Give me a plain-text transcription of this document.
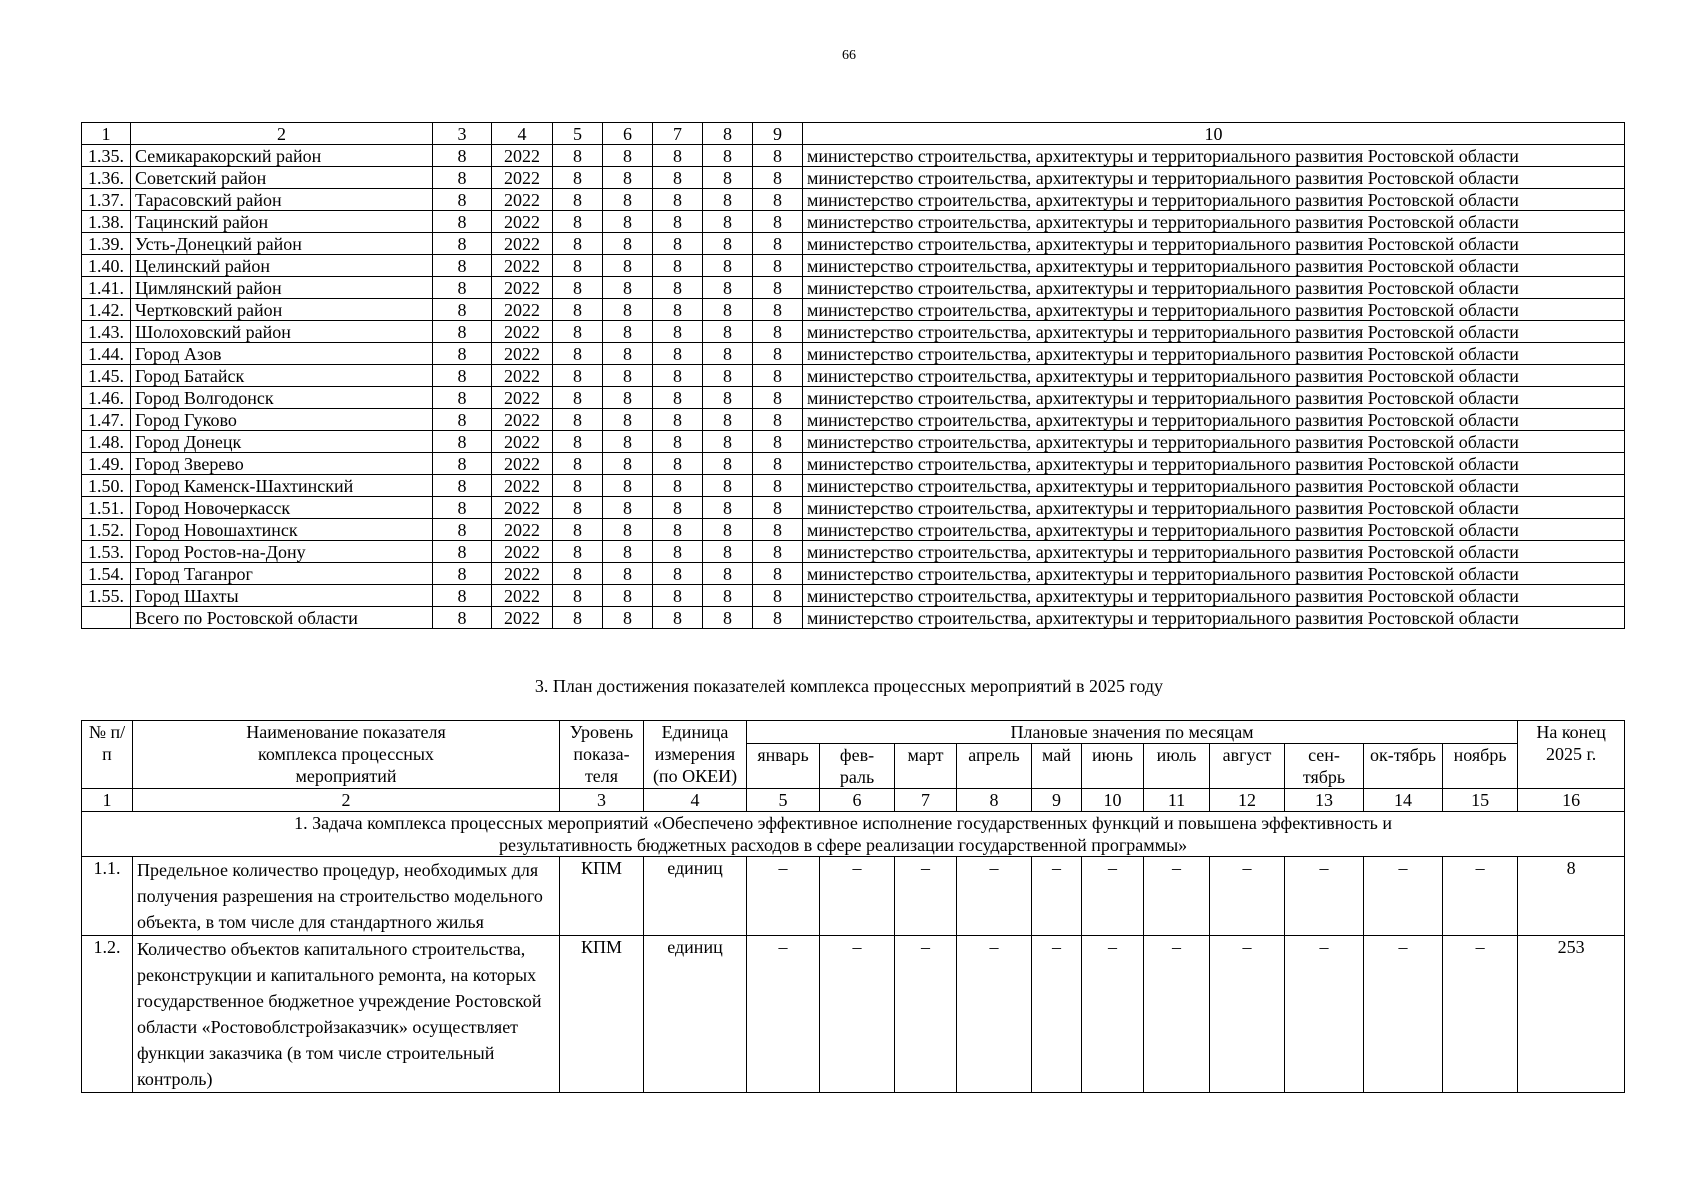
66
1	2	3	4	5	6	7	8	9	10
1.35.	Семикаракорский район	8	2022	8	8	8	8	8	министерство строительства, архитектуры и территориального развития Ростовской области
1.36.	Советский район	8	2022	8	8	8	8	8	министерство строительства, архитектуры и территориального развития Ростовской области
1.37.	Тарасовский район	8	2022	8	8	8	8	8	министерство строительства, архитектуры и территориального развития Ростовской области
1.38.	Тацинский район	8	2022	8	8	8	8	8	министерство строительства, архитектуры и территориального развития Ростовской области
1.39.	Усть-Донецкий район	8	2022	8	8	8	8	8	министерство строительства, архитектуры и территориального развития Ростовской области
1.40.	Целинский район	8	2022	8	8	8	8	8	министерство строительства, архитектуры и территориального развития Ростовской области
1.41.	Цимлянский район	8	2022	8	8	8	8	8	министерство строительства, архитектуры и территориального развития Ростовской области
1.42.	Чертковский район	8	2022	8	8	8	8	8	министерство строительства, архитектуры и территориального развития Ростовской области
1.43.	Шолоховский район	8	2022	8	8	8	8	8	министерство строительства, архитектуры и территориального развития Ростовской области
1.44.	Город Азов	8	2022	8	8	8	8	8	министерство строительства, архитектуры и территориального развития Ростовской области
1.45.	Город Батайск	8	2022	8	8	8	8	8	министерство строительства, архитектуры и территориального развития Ростовской области
1.46.	Город Волгодонск	8	2022	8	8	8	8	8	министерство строительства, архитектуры и территориального развития Ростовской области
1.47.	Город Гуково	8	2022	8	8	8	8	8	министерство строительства, архитектуры и территориального развития Ростовской области
1.48.	Город Донецк	8	2022	8	8	8	8	8	министерство строительства, архитектуры и территориального развития Ростовской области
1.49.	Город Зверево	8	2022	8	8	8	8	8	министерство строительства, архитектуры и территориального развития Ростовской области
1.50.	Город Каменск-Шахтинский	8	2022	8	8	8	8	8	министерство строительства, архитектуры и территориального развития Ростовской области
1.51.	Город Новочеркасск	8	2022	8	8	8	8	8	министерство строительства, архитектуры и территориального развития Ростовской области
1.52.	Город Новошахтинск	8	2022	8	8	8	8	8	министерство строительства, архитектуры и территориального развития Ростовской области
1.53.	Город Ростов-на-Дону	8	2022	8	8	8	8	8	министерство строительства, архитектуры и территориального развития Ростовской области
1.54.	Город Таганрог	8	2022	8	8	8	8	8	министерство строительства, архитектуры и территориального развития Ростовской области
1.55.	Город Шахты	8	2022	8	8	8	8	8	министерство строительства, архитектуры и территориального развития Ростовской области
	Всего по Ростовской области	8	2022	8	8	8	8	8	министерство строительства, архитектуры и территориального развития Ростовской области
3. План достижения показателей комплекса процессных мероприятий в 2025 году
№ п/п	Наименование показателя комплекса процессных мероприятий	Уровень показа-теля	Единица измерения (по ОКЕИ)	Плановые значения по месяцам											На конец 2025 г.
				январь	фев-раль	март	апрель	май	июнь	июль	август	сен-тябрь	ок-тябрь	ноябрь	
1	2	3	4	5	6	7	8	9	10	11	12	13	14	15	16
1. Задача комплекса процессных мероприятий «Обеспечено эффективное исполнение государственных функций и повышена эффективность и результативность бюджетных расходов в сфере реализации государственной программы»															
1.1.	Предельное количество процедур, необходимых для получения разрешения на строительство модельного объекта, в том числе для стандартного жилья	КПМ	единиц	–	–	–	–	–	–	–	–	–	–	–	8
1.2.	Количество объектов капитального строительства, реконструкции и капитального ремонта, на которых государственное бюджетное учреждение Ростовской области «Ростовоблстройзаказчик» осуществляет функции заказчика (в том числе строительный контроль)	КПМ	единиц	–	–	–	–	–	–	–	–	–	–	–	253
